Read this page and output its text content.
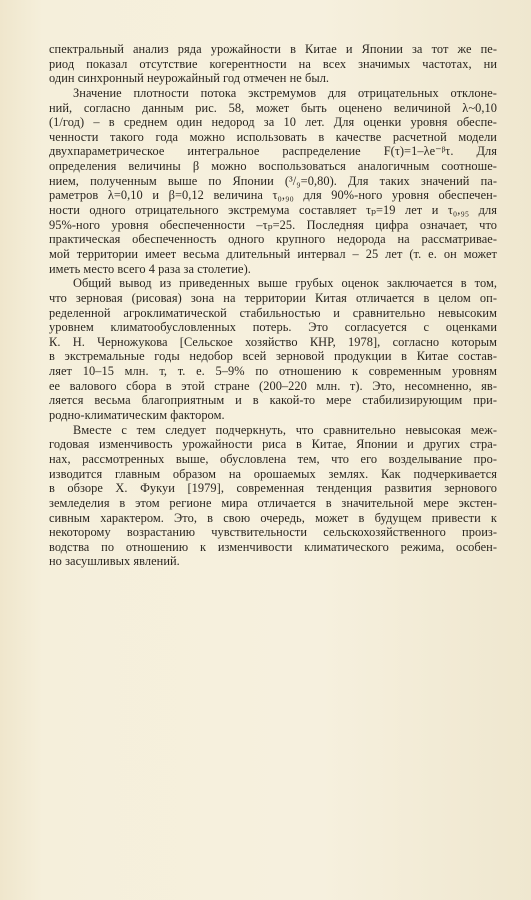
спектральный анализ ряда урожайности в Китае и Японии за тот же пе-
риод показал отсутствие когерентности на всех значимых частотах, ни
один синхронный неурожайный год отмечен не был.
Значение плотности потока экстремумов для отрицательных отклоне-
ний, согласно данным рис. 58, может быть оценено величиной λ~0,10
(1/год) – в среднем один недород за 10 лет. Для оценки уровня обеспе-
ченности такого года можно использовать в качестве расчетной модели
двухпараметрическое интегральное распределение F(τ)=1–λe⁻ᵝτ. Для
определения величины β можно воспользоваться аналогичным соотноше-
нием, полученным выше по Японии (³/₉=0,80). Для таких значений па-
раметров λ=0,10 и β=0,12 величина τ₀,₉₀ для 90%-ного уровня обеспечен-
ности одного отрицательного экстремума составляет τₚ=19 лет и τ₀,₉₅ для
95%-ного уровня обеспеченности –τₚ=25. Последняя цифра означает, что
практическая обеспеченность одного крупного недорода на рассматривае-
мой территории имеет весьма длительный интервал – 25 лет (т. е. он может
иметь место всего 4 раза за столетие).
Общий вывод из приведенных выше грубых оценок заключается в том,
что зерновая (рисовая) зона на территории Китая отличается в целом оп-
ределенной агроклиматической стабильностью и сравнительно невысоким
уровнем климатообусловленных потерь. Это согласуется с оценками
К. Н. Черножукова [Сельское хозяйство КНР, 1978], согласно которым
в экстремальные годы недобор всей зерновой продукции в Китае состав-
ляет 10–15 млн. т, т. е. 5–9% по отношению к современным уровням
ее валового сбора в этой стране (200–220 млн. т). Это, несомненно, яв-
ляется весьма благоприятным и в какой-то мере стабилизирующим при-
родно-климатическим фактором.
Вместе с тем следует подчеркнуть, что сравнительно невысокая меж-
годовая изменчивость урожайности риса в Китае, Японии и других стра-
нах, рассмотренных выше, обусловлена тем, что его возделывание про-
изводится главным образом на орошаемых землях. Как подчеркивается
в обзоре Х. Фукуи [1979], современная тенденция развития зернового
земледелия в этом регионе мира отличается в значительной мере экстен-
сивным характером. Это, в свою очередь, может в будущем привести к
некоторому возрастанию чувствительности сельскохозяйственного произ-
водства по отношению к изменчивости климатического режима, особен-
но засушливых явлений.
